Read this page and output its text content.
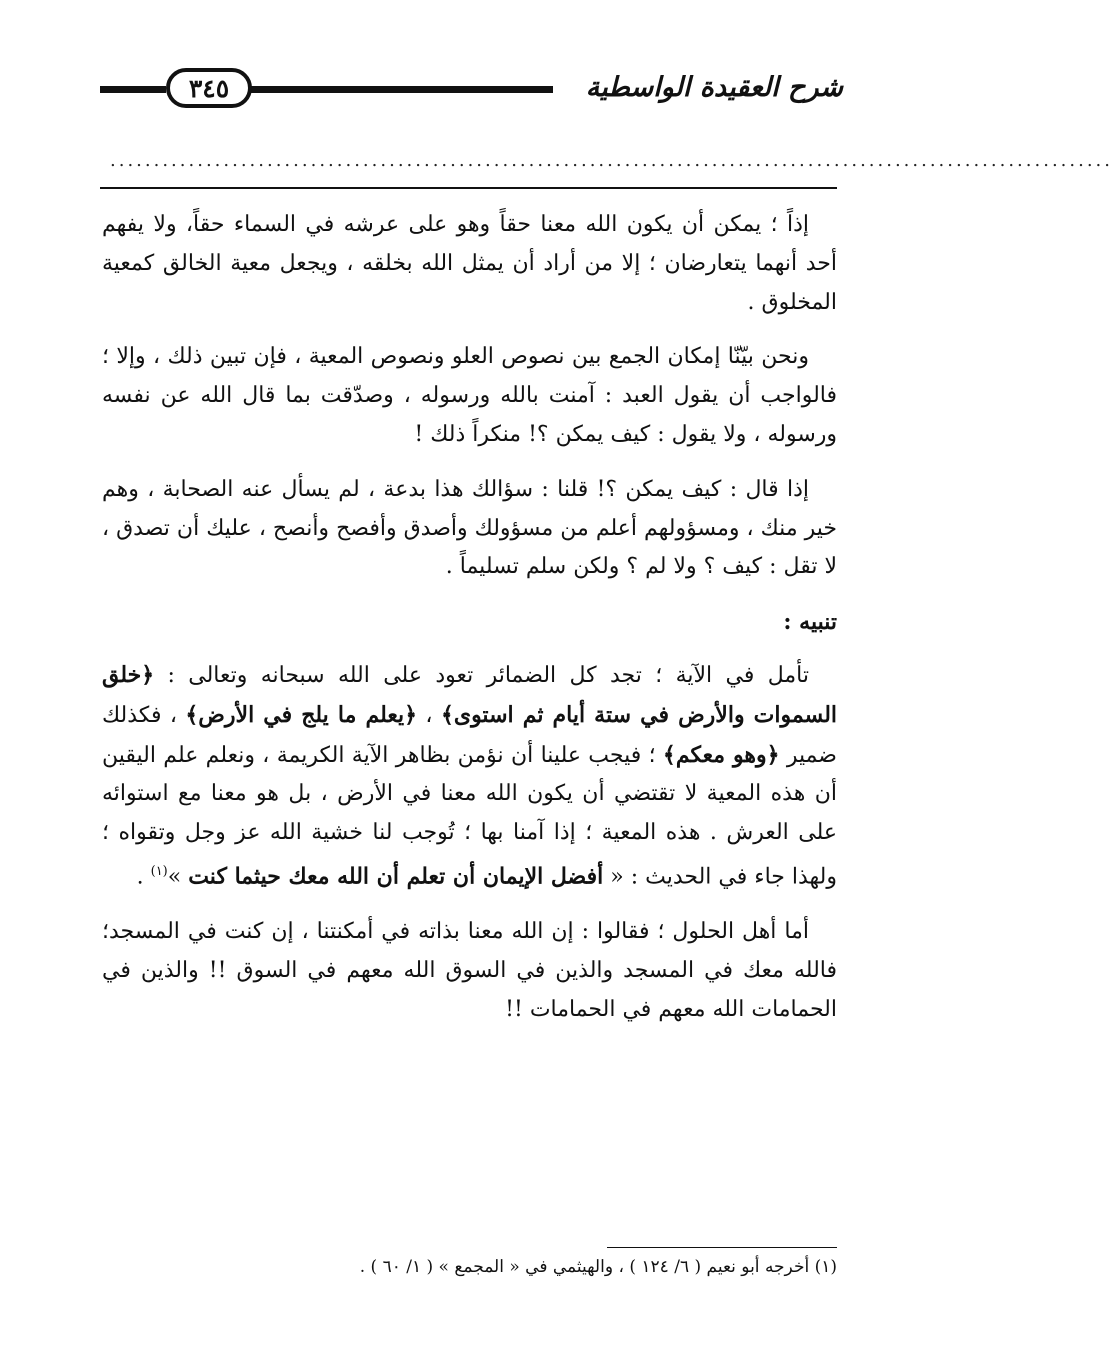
شرح العقيدة الواسطية
٣٤٥
...................................................................................................................

إذاً ؛ يمكن أن يكون الله معنا حقاً وهو على عرشه في السماء حقاً، ولا يفهم أحد أنهما يتعارضان ؛ إلا من أراد أن يمثل الله بخلقه ، ويجعل معية الخالق كمعية المخلوق .

ونحن بيّنّا إمكان الجمع بين نصوص العلو ونصوص المعية ، فإن تبين ذلك ، وإلا ؛ فالواجب أن يقول العبد : آمنت بالله ورسوله ، وصدّقت بما قال الله عن نفسه ورسوله ، ولا يقول : كيف يمكن ؟! منكراً ذلك !

إذا قال : كيف يمكن ؟! قلنا : سؤالك هذا بدعة ، لم يسأل عنه الصحابة ، وهم خير منك ، ومسؤولهم أعلم من مسؤولك وأصدق وأفصح وأنصح ، عليك أن تصدق ، لا تقل : كيف ؟ ولا لم ؟ ولكن سلم تسليماً .

تنبيه :

تأمل في الآية ؛ تجد كل الضمائر تعود على الله سبحانه وتعالى : ﴿خلق السموات والأرض في ستة أيام ثم استوى﴾ ، ﴿يعلم ما يلج في الأرض﴾ ، فكذلك ضمير ﴿وهو معكم﴾ ؛ فيجب علينا أن نؤمن بظاهر الآية الكريمة ، ونعلم علم اليقين أن هذه المعية لا تقتضي أن يكون الله معنا في الأرض ، بل هو معنا مع استوائه على العرش . هذه المعية ؛ إذا آمنا بها ؛ تُوجب لنا خشية الله عز وجل وتقواه ؛ ولهذا جاء في الحديث : « أفضل الإيمان أن تعلم أن الله معك حيثما كنت »$^{(١)}$ .

أما أهل الحلول ؛ فقالوا : إن الله معنا بذاته في أمكنتنا ، إن كنت في المسجد؛ فالله معك في المسجد والذين في السوق الله معهم في السوق !! والذين في الحمامات الله معهم في الحمامات !!

(١) أخرجه أبو نعيم ( ٦/ ١٢٤ ) ، والهيثمي في « المجمع » ( ١/ ٦٠ ) .
